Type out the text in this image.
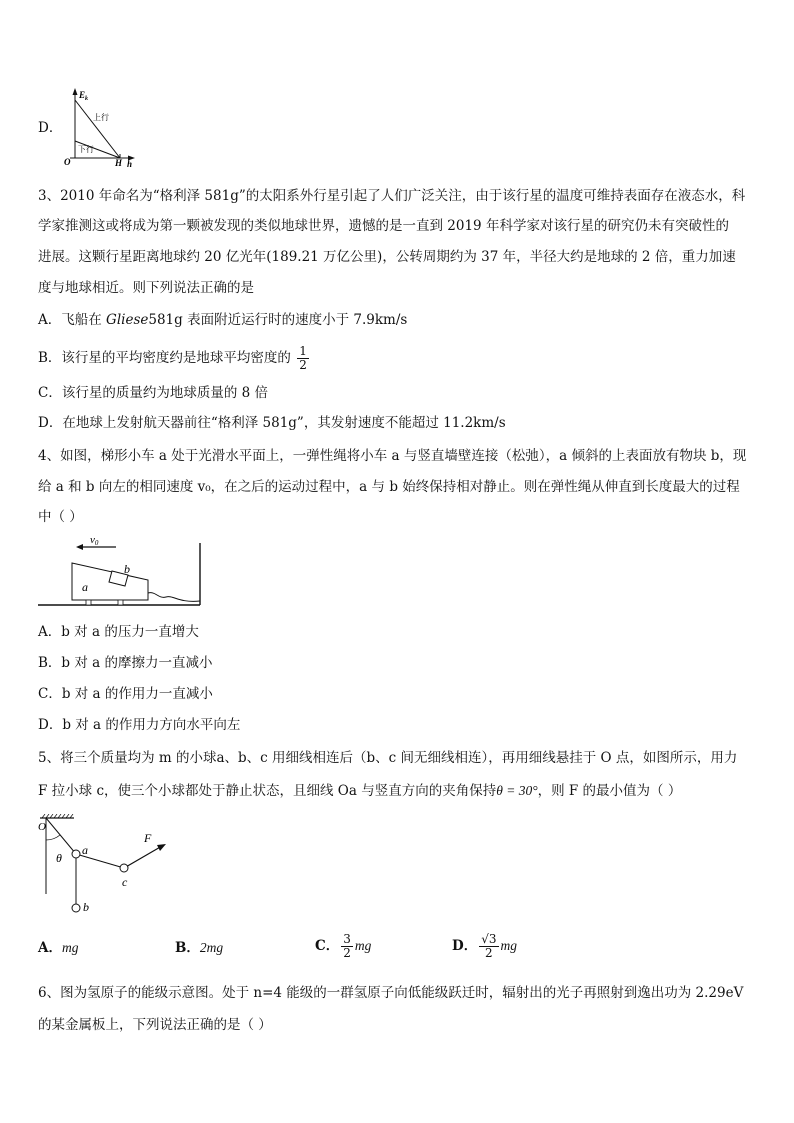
D．
$E_k$
上行
下行
O	H h
3、2010 年命名为“格利泽 581g”的太阳系外行星引起了人们广泛关注，由于该行星的温度可维持表面存在液态水，科
学家推测这或将成为第一颗被发现的类似地球世界，遗憾的是一直到 2019 年科学家对该行星的研究仍未有突破性的
进展。这颗行星距离地球约 20 亿光年(189.21 万亿公里)，公转周期约为 37 年，半径大约是地球的 2 倍，重力加速
度与地球相近。则下列说法正确的是
A．飞船在 Gliese581g 表面附近运行时的速度小于 7.9km/s
B．该行星的平均密度约是地球平均密度的 $\frac{1}{2}$
C．该行星的质量约为地球质量的 8 倍
D．在地球上发射航天器前往“格利泽 581g”，其发射速度不能超过 11.2km/s
4、如图，梯形小车 a 处于光滑水平面上，一弹性绳将小车 a 与竖直墙壁连接（松弛），a 倾斜的上表面放有物块 b，现
给 a 和 b 向左的相同速度 v₀，在之后的运动过程中，a 与 b 始终保持相对静止。则在弹性绳从伸直到长度最大的过程
中（ ）
v0
a
b
A．b 对 a 的压力一直增大
B．b 对 a 的摩擦力一直减小
C．b 对 a 的作用力一直减小
D．b 对 a 的作用力方向水平向左
5、将三个质量均为 m 的小球a、b、c 用细线相连后（b、c 间无细线相连），再用细线悬挂于 O 点，如图所示，用力
F 拉小球 c，使三个小球都处于静止状态，且细线 Oa 与竖直方向的夹角保持θ = 30°，则 F 的最小值为（ ）
O
θ
a
b
c
F
A．mg	B．2mg	C． $\frac{3}{2}$ mg	D． $\frac{√3}{2}$ mg
6、图为氢原子的能级示意图。处于 n=4 能级的一群氢原子向低能级跃迁时，辐射出的光子再照射到逸出功为 2.29eV
的某金属板上，下列说法正确的是（ ）
